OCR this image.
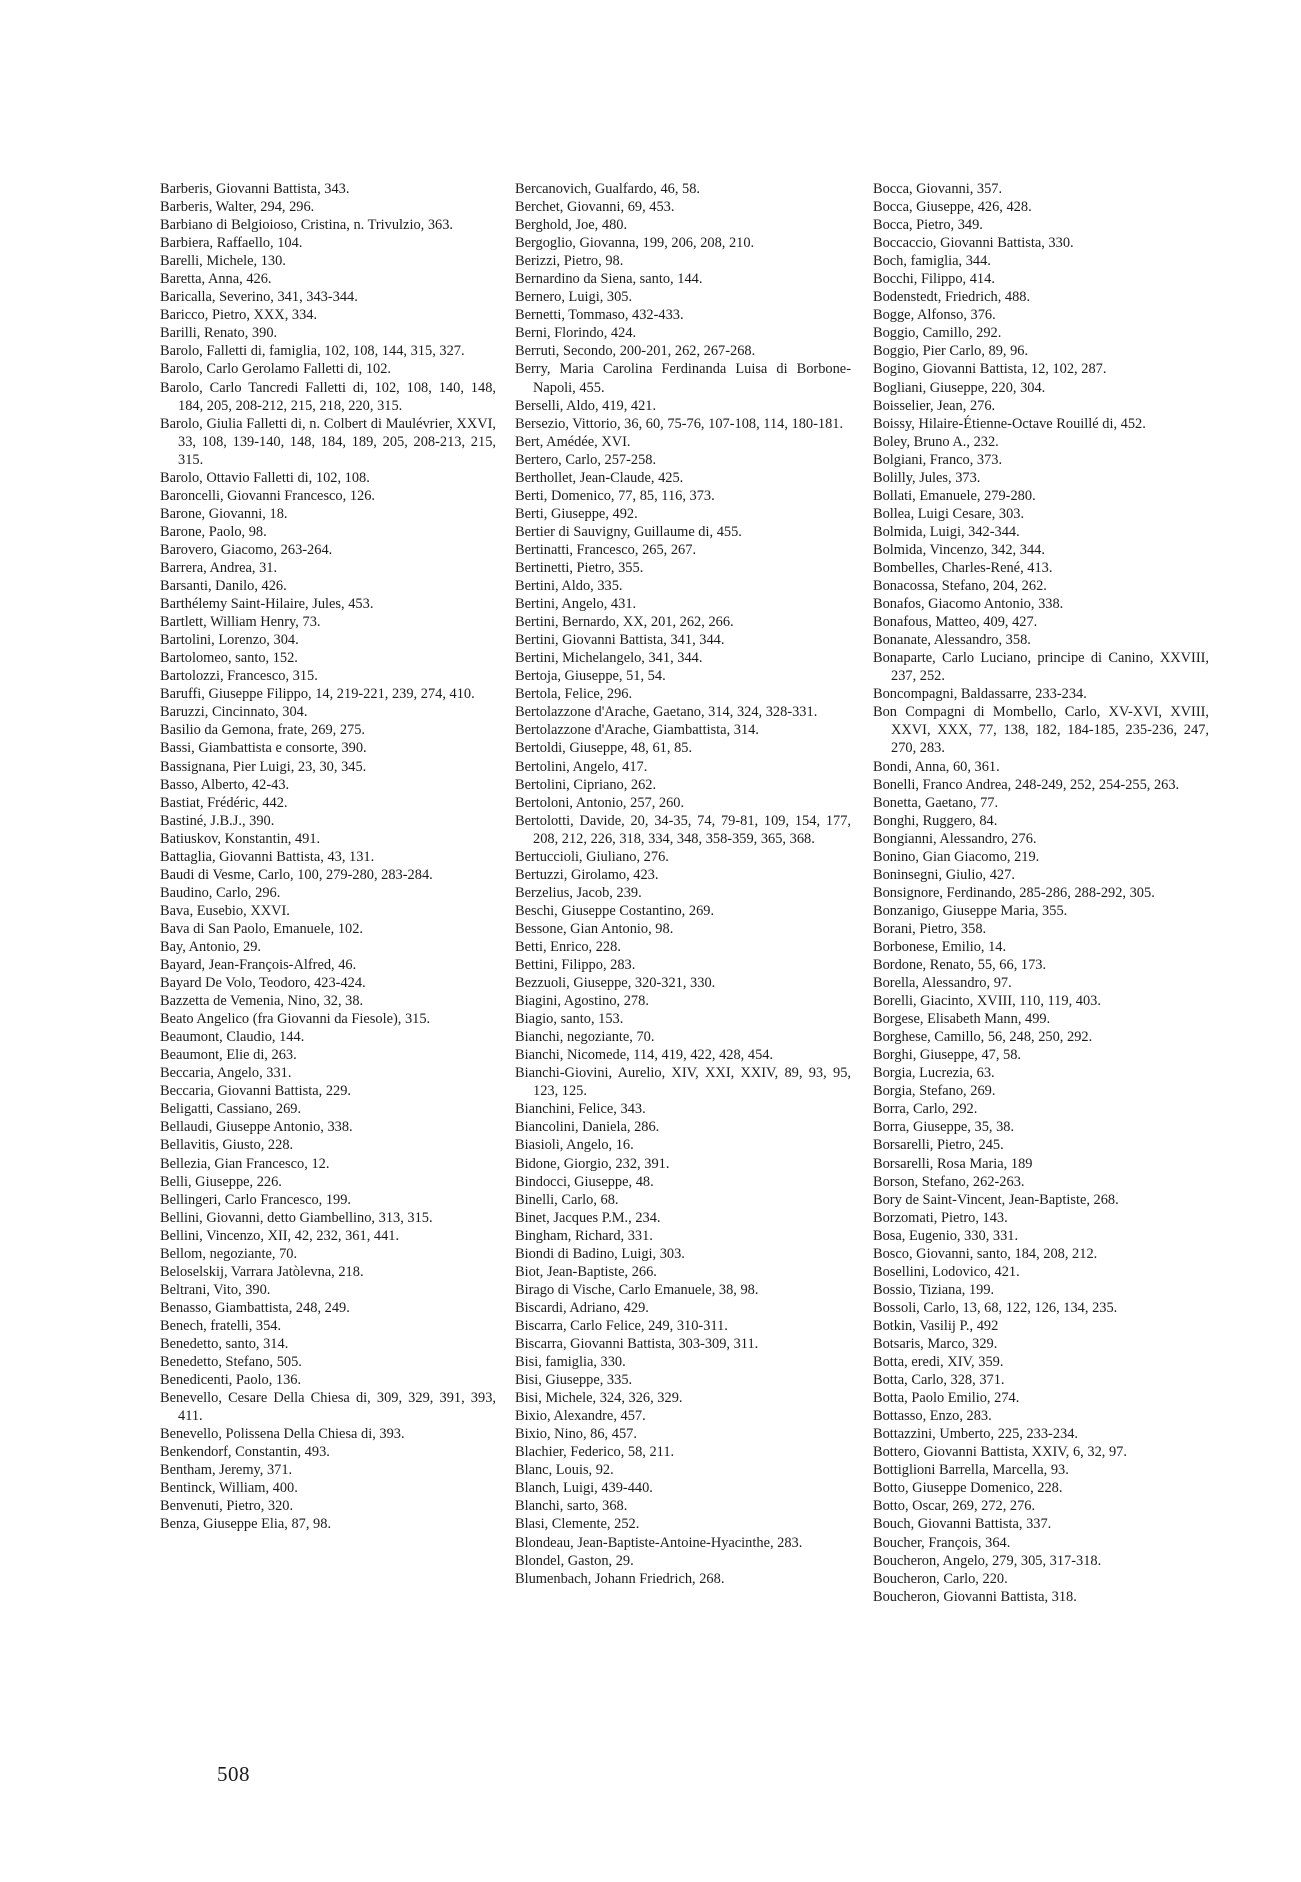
Barberis, Giovanni Battista, 343.

Barberis, Walter, 294, 296.

Barbiano di Belgioioso, Cristina, n. Trivulzio, 363.

Barbiera, Raffaello, 104.

Barelli, Michele, 130.

Baretta, Anna, 426.

Baricalla, Severino, 341, 343-344.

Baricco, Pietro, XXX, 334.

Barilli, Renato, 390.

Barolo, Falletti di, famiglia, 102, 108, 144, 315, 327.

Barolo, Carlo Gerolamo Falletti di, 102.

Barolo, Carlo Tancredi Falletti di, 102, 108, 140, 148, 184, 205, 208-212, 215, 218, 220, 315.

Barolo, Giulia Falletti di, n. Colbert di Maulévrier, XXVI, 33, 108, 139-140, 148, 184, 189, 205, 208-213, 215, 315.

Barolo, Ottavio Falletti di, 102, 108.

Baroncelli, Giovanni Francesco, 126.

Barone, Giovanni, 18.

Barone, Paolo, 98.

Barovero, Giacomo, 263-264.

Barrera, Andrea, 31.

Barsanti, Danilo, 426.

Barthélemy Saint-Hilaire, Jules, 453.

Bartlett, William Henry, 73.

Bartolini, Lorenzo, 304.

Bartolomeo, santo, 152.

Bartolozzi, Francesco, 315.

Baruffi, Giuseppe Filippo, 14, 219-221, 239, 274, 410.

Baruzzi, Cincinnato, 304.

Basilio da Gemona, frate, 269, 275.

Bassi, Giambattista e consorte, 390.

Bassignana, Pier Luigi, 23, 30, 345.

Basso, Alberto, 42-43.

Bastiat, Frédéric, 442.

Bastiné, J.B.J., 390.

Batiuskov, Konstantin, 491.

Battaglia, Giovanni Battista, 43, 131.

Baudi di Vesme, Carlo, 100, 279-280, 283-284.

Baudino, Carlo, 296.

Bava, Eusebio, XXVI.

Bava di San Paolo, Emanuele, 102.

Bay, Antonio, 29.

Bayard, Jean-François-Alfred, 46.

Bayard De Volo, Teodoro, 423-424.

Bazzetta de Vemenia, Nino, 32, 38.

Beato Angelico (fra Giovanni da Fiesole), 315.

Beaumont, Claudio, 144.

Beaumont, Elie di, 263.

Beccaria, Angelo, 331.

Beccaria, Giovanni Battista, 229.

Beligatti, Cassiano, 269.

Bellaudi, Giuseppe Antonio, 338.

Bellavitis, Giusto, 228.

Bellezia, Gian Francesco, 12.

Belli, Giuseppe, 226.

Bellingeri, Carlo Francesco, 199.

Bellini, Giovanni, detto Giambellino, 313, 315.

Bellini, Vincenzo, XII, 42, 232, 361, 441.

Bellom, negoziante, 70.

Beloselskij, Varrara Jatòlevna, 218.

Beltrani, Vito, 390.

Benasso, Giambattista, 248, 249.

Benech, fratelli, 354.

Benedetto, santo, 314.

Benedetto, Stefano, 505.

Benedicenti, Paolo, 136.

Benevello, Cesare Della Chiesa di, 309, 329, 391, 393, 411.

Benevello, Polissena Della Chiesa di, 393.

Benkendorf, Constantin, 493.

Bentham, Jeremy, 371.

Bentinck, William, 400.

Benvenuti, Pietro, 320.

Benza, Giuseppe Elia, 87, 98.

Bercanovich, Gualfardo, 46, 58.

Berchet, Giovanni, 69, 453.

Berghold, Joe, 480.

Bergoglio, Giovanna, 199, 206, 208, 210.

Berizzi, Pietro, 98.

Bernardino da Siena, santo, 144.

Bernero, Luigi, 305.

Bernetti, Tommaso, 432-433.

Berni, Florindo, 424.

Berruti, Secondo, 200-201, 262, 267-268.

Berry, Maria Carolina Ferdinanda Luisa di Borbone-Napoli, 455.

Berselli, Aldo, 419, 421.

Bersezio, Vittorio, 36, 60, 75-76, 107-108, 114, 180-181.

Bert, Amédée, XVI.

Bertero, Carlo, 257-258.

Berthollet, Jean-Claude, 425.

Berti, Domenico, 77, 85, 116, 373.

Berti, Giuseppe, 492.

Bertier di Sauvigny, Guillaume di, 455.

Bertinatti, Francesco, 265, 267.

Bertinetti, Pietro, 355.

Bertini, Aldo, 335.

Bertini, Angelo, 431.

Bertini, Bernardo, XX, 201, 262, 266.

Bertini, Giovanni Battista, 341, 344.

Bertini, Michelangelo, 341, 344.

Bertoja, Giuseppe, 51, 54.

Bertola, Felice, 296.

Bertolazzone d'Arache, Gaetano, 314, 324, 328-331.

Bertolazzone d'Arache, Giambattista, 314.

Bertoldi, Giuseppe, 48, 61, 85.

Bertolini, Angelo, 417.

Bertolini, Cipriano, 262.

Bertoloni, Antonio, 257, 260.

Bertolotti, Davide, 20, 34-35, 74, 79-81, 109, 154, 177, 208, 212, 226, 318, 334, 348, 358-359, 365, 368.

Bertuccioli, Giuliano, 276.

Bertuzzi, Girolamo, 423.

Berzelius, Jacob, 239.

Beschi, Giuseppe Costantino, 269.

Bessone, Gian Antonio, 98.

Betti, Enrico, 228.

Bettini, Filippo, 283.

Bezzuoli, Giuseppe, 320-321, 330.

Biagini, Agostino, 278.

Biagio, santo, 153.

Bianchi, negoziante, 70.

Bianchi, Nicomede, 114, 419, 422, 428, 454.

Bianchi-Giovini, Aurelio, XIV, XXI, XXIV, 89, 93, 95, 123, 125.

Bianchini, Felice, 343.

Biancolini, Daniela, 286.

Biasioli, Angelo, 16.

Bidone, Giorgio, 232, 391.

Bindocci, Giuseppe, 48.

Binelli, Carlo, 68.

Binet, Jacques P.M., 234.

Bingham, Richard, 331.

Biondi di Badino, Luigi, 303.

Biot, Jean-Baptiste, 266.

Birago di Vische, Carlo Emanuele, 38, 98.

Biscardi, Adriano, 429.

Biscarra, Carlo Felice, 249, 310-311.

Biscarra, Giovanni Battista, 303-309, 311.

Bisi, famiglia, 330.

Bisi, Giuseppe, 335.

Bisi, Michele, 324, 326, 329.

Bixio, Alexandre, 457.

Bixio, Nino, 86, 457.

Blachier, Federico, 58, 211.

Blanc, Louis, 92.

Blanch, Luigi, 439-440.

Blanchi, sarto, 368.

Blasi, Clemente, 252.

Blondeau, Jean-Baptiste-Antoine-Hyacinthe, 283.

Blondel, Gaston, 29.

Blumenbach, Johann Friedrich, 268.

Bocca, Giovanni, 357.

Bocca, Giuseppe, 426, 428.

Bocca, Pietro, 349.

Boccaccio, Giovanni Battista, 330.

Boch, famiglia, 344.

Bocchi, Filippo, 414.

Bodenstedt, Friedrich, 488.

Bogge, Alfonso, 376.

Boggio, Camillo, 292.

Boggio, Pier Carlo, 89, 96.

Bogino, Giovanni Battista, 12, 102, 287.

Bogliani, Giuseppe, 220, 304.

Boisselier, Jean, 276.

Boissy, Hilaire-Étienne-Octave Rouillé di, 452.

Boley, Bruno A., 232.

Bolgiani, Franco, 373.

Bolilly, Jules, 373.

Bollati, Emanuele, 279-280.

Bollea, Luigi Cesare, 303.

Bolmida, Luigi, 342-344.

Bolmida, Vincenzo, 342, 344.

Bombelles, Charles-René, 413.

Bonacossa, Stefano, 204, 262.

Bonafos, Giacomo Antonio, 338.

Bonafous, Matteo, 409, 427.

Bonanate, Alessandro, 358.

Bonaparte, Carlo Luciano, principe di Canino, XXVIII, 237, 252.

Boncompagni, Baldassarre, 233-234.

Bon Compagni di Mombello, Carlo, XV-XVI, XVIII, XXVI, XXX, 77, 138, 182, 184-185, 235-236, 247, 270, 283.

Bondi, Anna, 60, 361.

Bonelli, Franco Andrea, 248-249, 252, 254-255, 263.

Bonetta, Gaetano, 77.

Bonghi, Ruggero, 84.

Bongianni, Alessandro, 276.

Bonino, Gian Giacomo, 219.

Boninsegni, Giulio, 427.

Bonsignore, Ferdinando, 285-286, 288-292, 305.

Bonzanigo, Giuseppe Maria, 355.

Borani, Pietro, 358.

Borbonese, Emilio, 14.

Bordone, Renato, 55, 66, 173.

Borella, Alessandro, 97.

Borelli, Giacinto, XVIII, 110, 119, 403.

Borgese, Elisabeth Mann, 499.

Borghese, Camillo, 56, 248, 250, 292.

Borghi, Giuseppe, 47, 58.

Borgia, Lucrezia, 63.

Borgia, Stefano, 269.

Borra, Carlo, 292.

Borra, Giuseppe, 35, 38.

Borsarelli, Pietro, 245.

Borsarelli, Rosa Maria, 189

Borson, Stefano, 262-263.

Bory de Saint-Vincent, Jean-Baptiste, 268.

Borzomati, Pietro, 143.

Bosa, Eugenio, 330, 331.

Bosco, Giovanni, santo, 184, 208, 212.

Bosellini, Lodovico, 421.

Bossio, Tiziana, 199.

Bossoli, Carlo, 13, 68, 122, 126, 134, 235.

Botkin, Vasilij P., 492

Botsaris, Marco, 329.

Botta, eredi, XIV, 359.

Botta, Carlo, 328, 371.

Botta, Paolo Emilio, 274.

Bottasso, Enzo, 283.

Bottazzini, Umberto, 225, 233-234.

Bottero, Giovanni Battista, XXIV, 6, 32, 97.

Bottiglioni Barrella, Marcella, 93.

Botto, Giuseppe Domenico, 228.

Botto, Oscar, 269, 272, 276.

Bouch, Giovanni Battista, 337.

Boucher, François, 364.

Boucheron, Angelo, 279, 305, 317-318.

Boucheron, Carlo, 220.

Boucheron, Giovanni Battista, 318.

508
